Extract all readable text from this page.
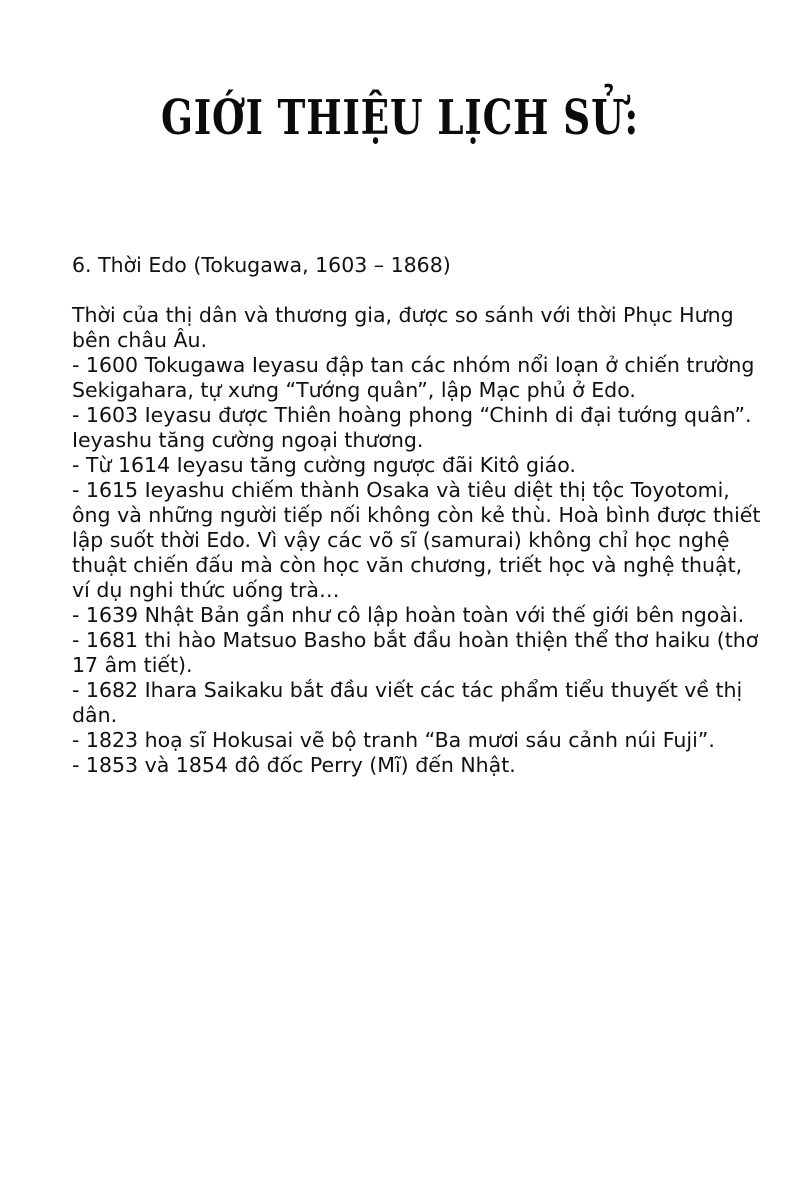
GIỚI THIỆU LỊCH SỬ:

6. Thời Edo (Tokugawa, 1603 – 1868)

Thời của thị dân và thương gia, được so sánh với thời Phục Hưng bên châu Âu.

- 1600 Tokugawa Ieyasu đập tan các nhóm nổi loạn ở chiến trường Sekigahara, tự xưng “Tướng quân”, lập Mạc phủ ở Edo.
- 1603 Ieyasu được Thiên hoàng phong “Chinh di đại tướng quân”. Ieyashu tăng cường ngoại thương.
- Từ 1614 Ieyasu tăng cường ngược đãi Kitô giáo.
- 1615 Ieyashu chiếm thành Osaka và tiêu diệt thị tộc Toyotomi, ông và những người tiếp nối không còn kẻ thù. Hoà bình được thiết lập suốt thời Edo. Vì vậy các võ sĩ (samurai) không chỉ học nghệ thuật chiến đấu mà còn học văn chương, triết học và nghệ thuật, ví dụ nghi thức uống trà…
- 1639 Nhật Bản gần như cô lập hoàn toàn với thế giới bên ngoài.
- 1681 thi hào Matsuo Basho bắt đầu hoàn thiện thể thơ haiku (thơ 17 âm tiết).
- 1682 Ihara Saikaku bắt đầu viết các tác phẩm tiểu thuyết về thị dân.
- 1823 hoạ sĩ Hokusai vẽ bộ tranh “Ba mươi sáu cảnh núi Fuji”.
- 1853 và 1854 đô đốc Perry (Mĩ) đến Nhật.
